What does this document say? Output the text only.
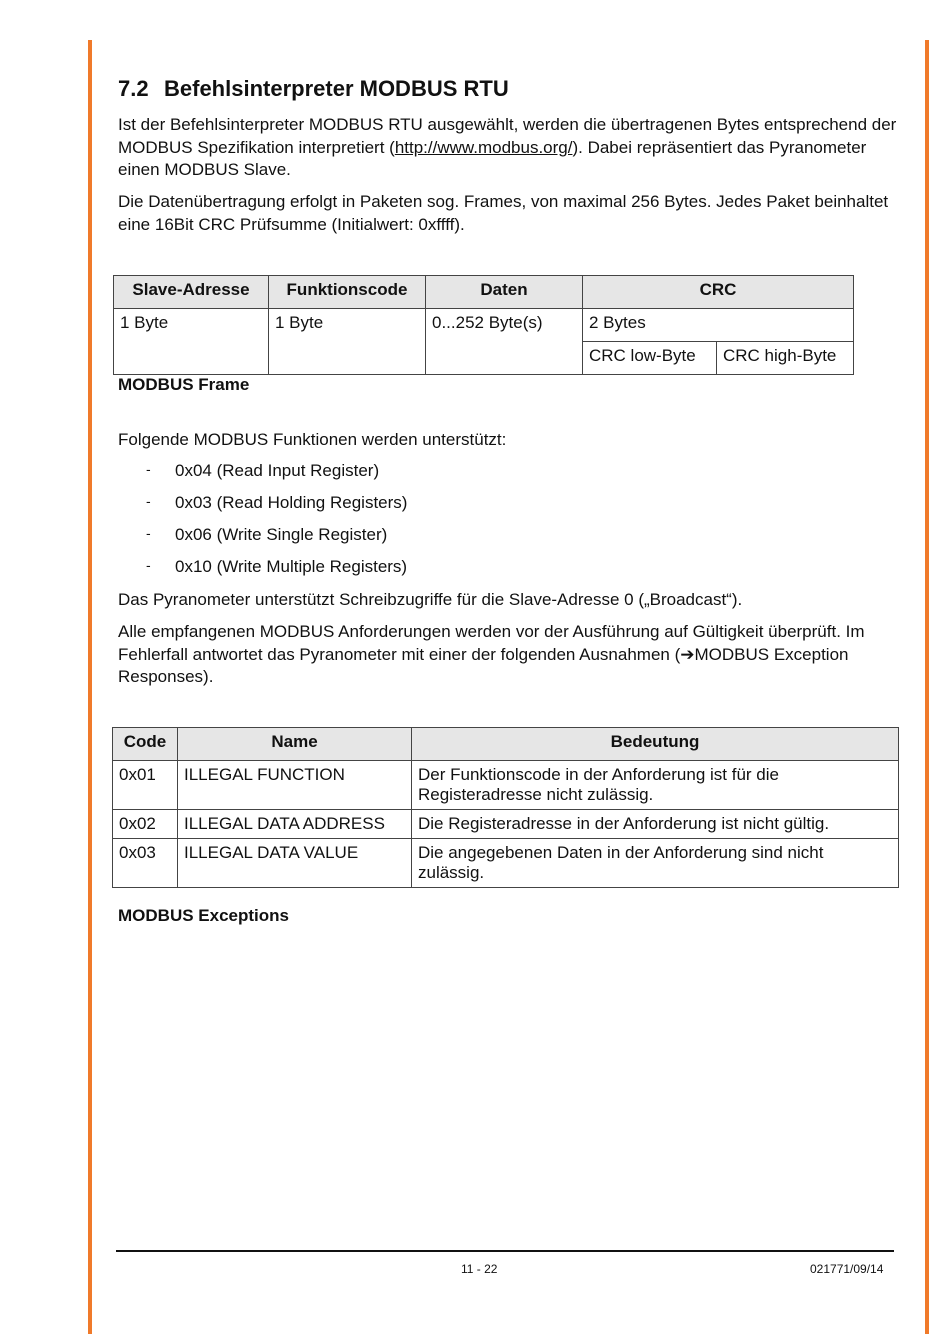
7.2 Befehlsinterpreter MODBUS RTU

Ist der Befehlsinterpreter MODBUS RTU ausgewählt, werden die übertragenen Bytes entsprechend der MODBUS Spezifikation interpretiert (http://www.modbus.org/). Dabei repräsentiert das Pyranometer einen MODBUS Slave.

Die Datenübertragung erfolgt in Paketen sog. Frames, von maximal 256 Bytes. Jedes Paket beinhaltet eine 16Bit CRC Prüfsumme (Initialwert: 0xffff).

Slave-Adresse	Funktionscode	Daten	CRC	
1 Byte	1 Byte	0...252 Byte(s)	2 Bytes	
			CRC low-Byte	CRC high-Byte
MODBUS Frame

Folgende MODBUS Funktionen werden unterstützt:

- 0x04 (Read Input Register)
- 0x03 (Read Holding Registers)
- 0x06 (Write Single Register)
- 0x10 (Write Multiple Registers)

Das Pyranometer unterstützt Schreibzugriffe für die Slave-Adresse 0 („Broadcast“).

Alle empfangenen MODBUS Anforderungen werden vor der Ausführung auf Gültigkeit überprüft. Im Fehlerfall antwortet das Pyranometer mit einer der folgenden Ausnahmen (➔MODBUS Exception Responses).

Code	Name	Bedeutung
0x01	ILLEGAL FUNCTION	Der Funktionscode in der Anforderung ist für die Registeradresse nicht zulässig.
0x02	ILLEGAL DATA ADDRESS	Die Registeradresse in der Anforderung ist nicht gültig.
0x03	ILLEGAL DATA VALUE	Die angegebenen Daten in der Anforderung sind nicht zulässig.
MODBUS Exceptions
11 - 22	021771/09/14
